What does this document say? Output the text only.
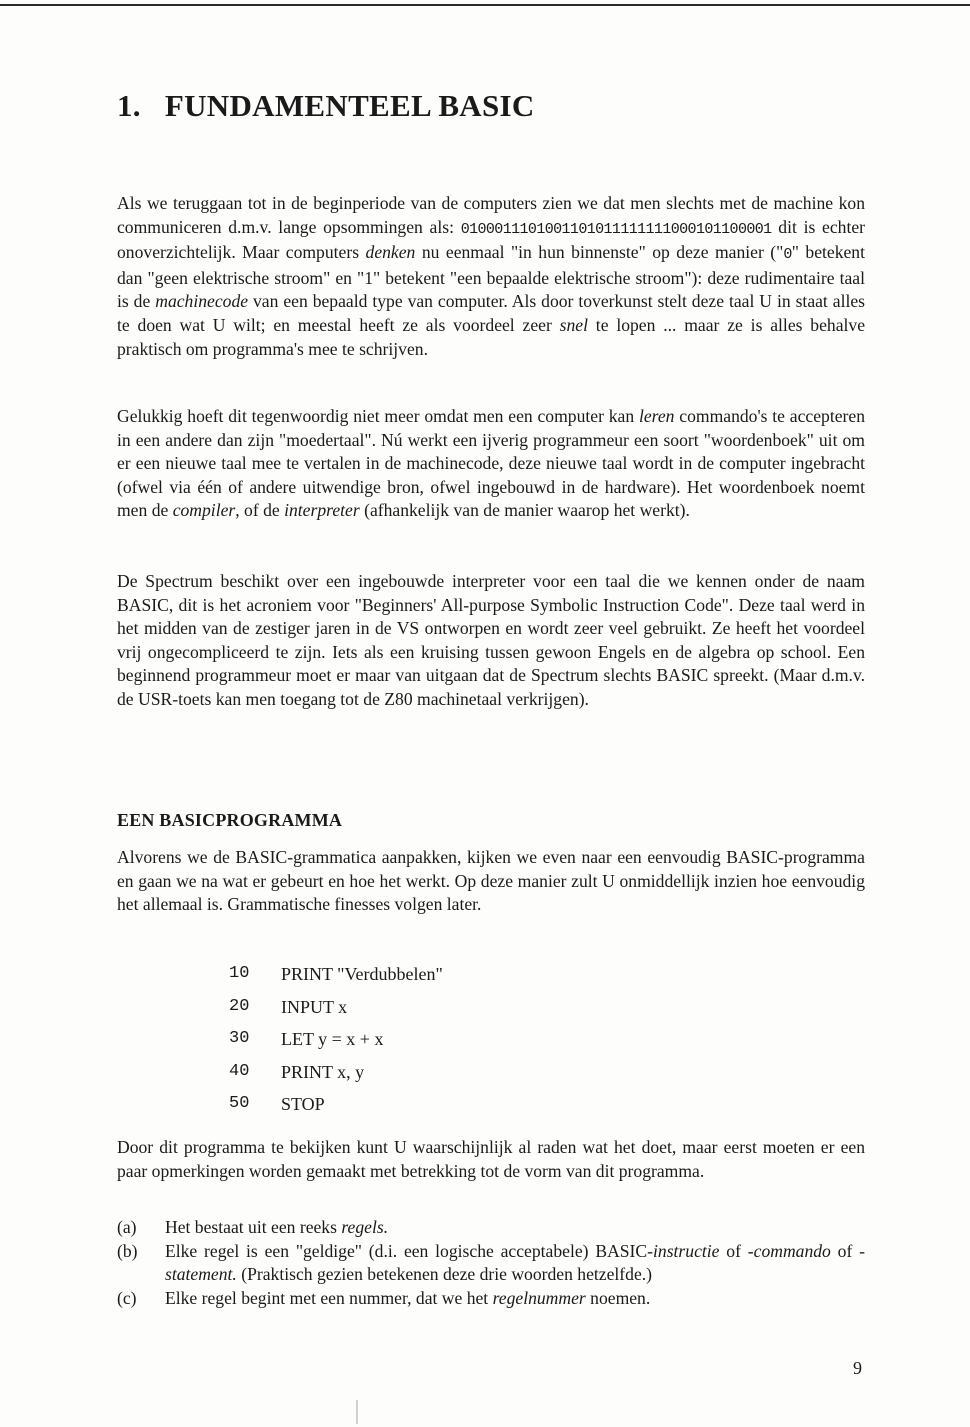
1. FUNDAMENTEEL BASIC

Als we teruggaan tot in de beginperiode van de computers zien we dat men slechts met de machine kon communiceren d.m.v. lange opsommingen als: 0100011101001101011111111000101100001 dit is echter onoverzichtelijk. Maar computers denken nu eenmaal "in hun binnenste" op deze manier ("0" betekent dan "geen elektrische stroom" en "1" betekent "een bepaalde elektrische stroom"): deze rudimentaire taal is de machinecode van een bepaald type van computer. Als door toverkunst stelt deze taal U in staat alles te doen wat U wilt; en meestal heeft ze als voordeel zeer snel te lopen ... maar ze is alles behalve praktisch om programma's mee te schrijven.

Gelukkig hoeft dit tegenwoordig niet meer omdat men een computer kan leren commando's te accepteren in een andere dan zijn "moedertaal". Nú werkt een ijverig programmeur een soort "woordenboek" uit om er een nieuwe taal mee te vertalen in de machinecode, deze nieuwe taal wordt in de computer ingebracht (ofwel via één of andere uitwendige bron, ofwel ingebouwd in de hardware). Het woordenboek noemt men de compiler, of de interpreter (afhankelijk van de manier waarop het werkt).

De Spectrum beschikt over een ingebouwde interpreter voor een taal die we kennen onder de naam BASIC, dit is het acroniem voor "Beginners' All-purpose Symbolic Instruction Code". Deze taal werd in het midden van de zestiger jaren in de VS ontworpen en wordt zeer veel gebruikt. Ze heeft het voordeel vrij ongecompliceerd te zijn. Iets als een kruising tussen gewoon Engels en de algebra op school. Een beginnend programmeur moet er maar van uitgaan dat de Spectrum slechts BASIC spreekt. (Maar d.m.v. de USR-toets kan men toegang tot de Z80 machinetaal verkrijgen).

EEN BASICPROGRAMMA

Alvorens we de BASIC-grammatica aanpakken, kijken we even naar een eenvoudig BASIC-programma en gaan we na wat er gebeurt en hoe het werkt. Op deze manier zult U onmiddellijk inzien hoe eenvoudig het allemaal is. Grammatische finesses volgen later.

10	PRINT "Verdubbelen"
20	INPUT x
30	LET y = x + x
40	PRINT x, y
50	STOP

Door dit programma te bekijken kunt U waarschijnlijk al raden wat het doet, maar eerst moeten er een paar opmerkingen worden gemaakt met betrekking tot de vorm van dit programma.

(a)	Het bestaat uit een reeks regels.
(b)	Elke regel is een "geldige" (d.i. een logische acceptabele) BASIC-instructie of -commando of -statement. (Praktisch gezien betekenen deze drie woorden hetzelfde.)
(c)	Elke regel begint met een nummer, dat we het regelnummer noemen.

9
